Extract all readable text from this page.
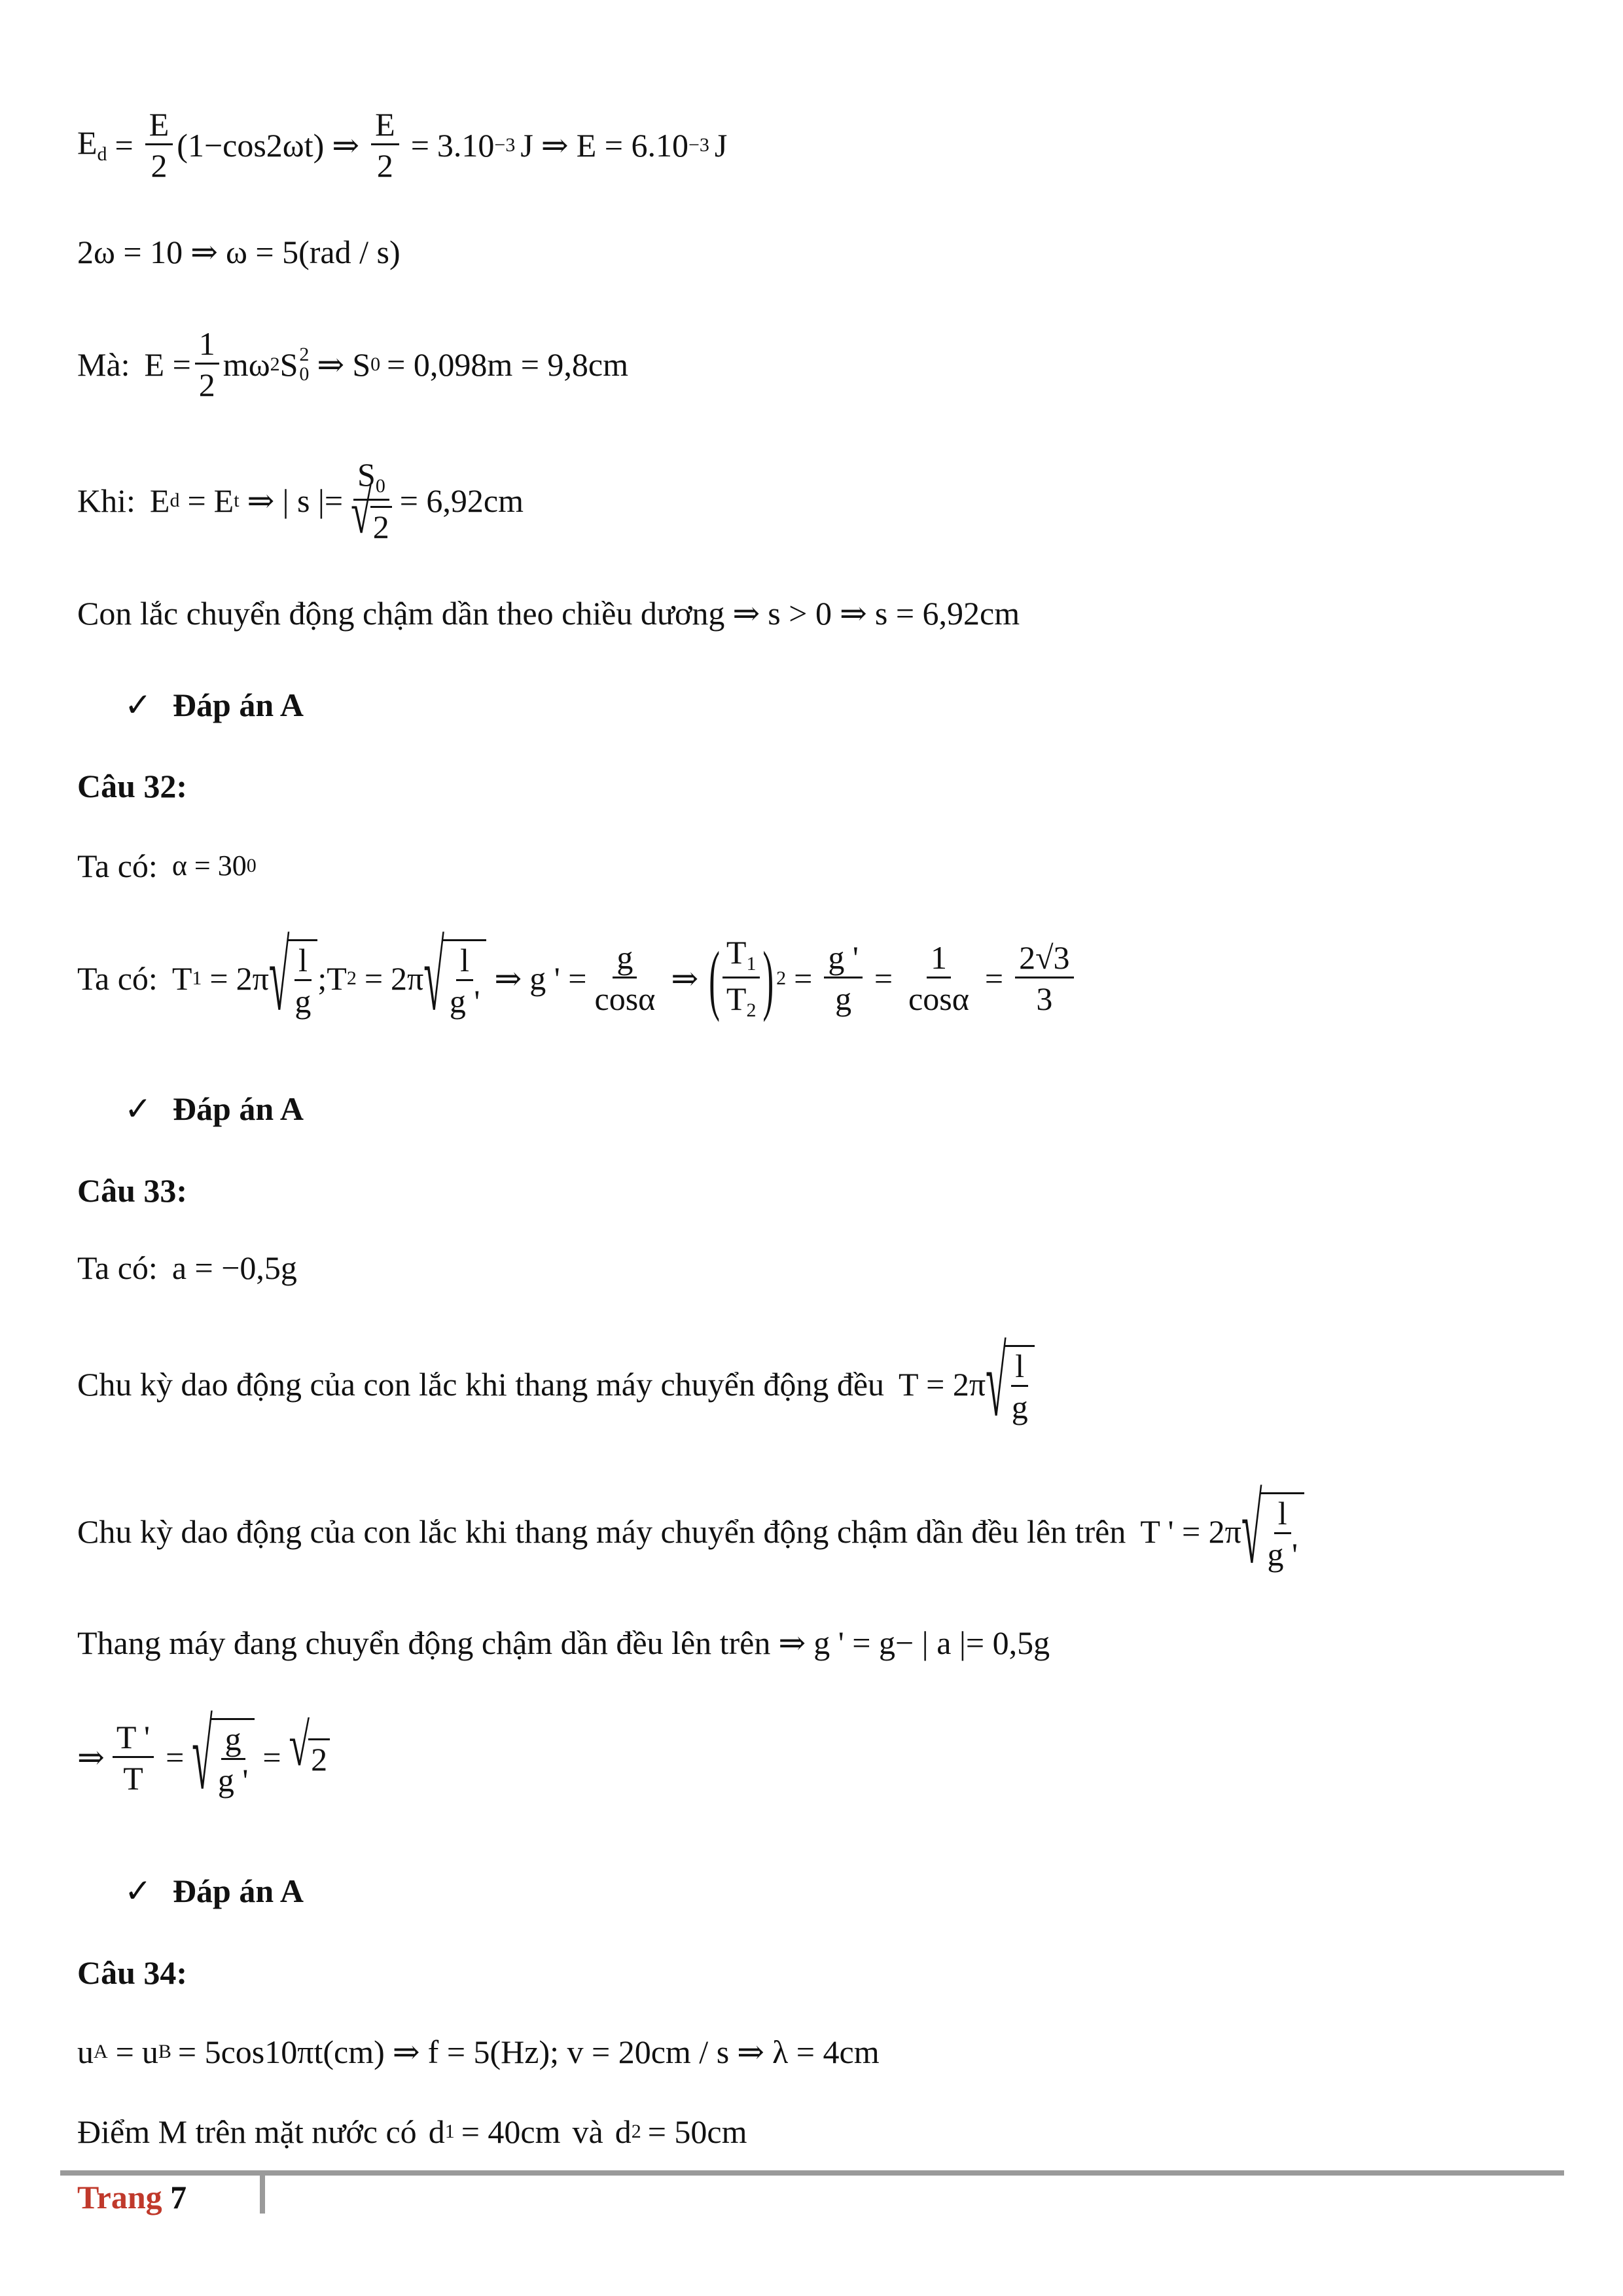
$E_d = \frac{E}{2} (1-\cos 2\omega t)$ ⇒ $\frac{E}{2} = 3.10 -3$ J ⇒ E = 6.10 −3 J
2ω = 10 ⇒ ω = 5(rad / s)
Mà: $E = \frac{1}{2}$ mω 2 S 2
0 ⇒ S 0 = 0,098m = 9,8cm
Khi: E d = E t ⇒ | s |= $\frac{S_0}{√ 2} = 6,92cm$
Con lắc chuyển động chậm dần theo chiều dương ⇒ s > 0 ⇒ s = 6,92cm
✓ Đáp án A
Câu 32:
Ta có: α = 30 0
Ta có: T 1 = 2π √ $\frac{l}{g}$ ; T 2 = 2π √ $\frac{l}{g '}$ ⇒ g ' = $\frac{g}{\cos\alpha}$ ⇒ ( $\frac{T_1}{T_2}$ ) $2 = \frac{g '}{g} = \frac{1}{\cos\alpha} = \frac{2√3}{3}$
✓ Đáp án A
Câu 33:
Ta có: a = −0,5g
Chu kỳ dao động của con lắc khi thang máy chuyển động đều T = 2π √ $\frac{l}{g}$
Chu kỳ dao động của con lắc khi thang máy chuyển động chậm dần đều lên trên T ' = 2π √ $\frac{l}{g '}$
Thang máy đang chuyển động chậm dần đều lên trên ⇒ g ' = g− | a |= 0,5g
⇒ $\frac{T '}{T}$ = √ $\frac{g}{g '}$ = √ 2
✓ Đáp án A
Câu 34:
u A = u B = 5cos10πt(cm) ⇒ f = 5(Hz); v = 20cm / s ⇒ λ = 4cm
Điểm M trên mặt nước có d 1 = 40cm và d 2 = 50cm
Trang 7
